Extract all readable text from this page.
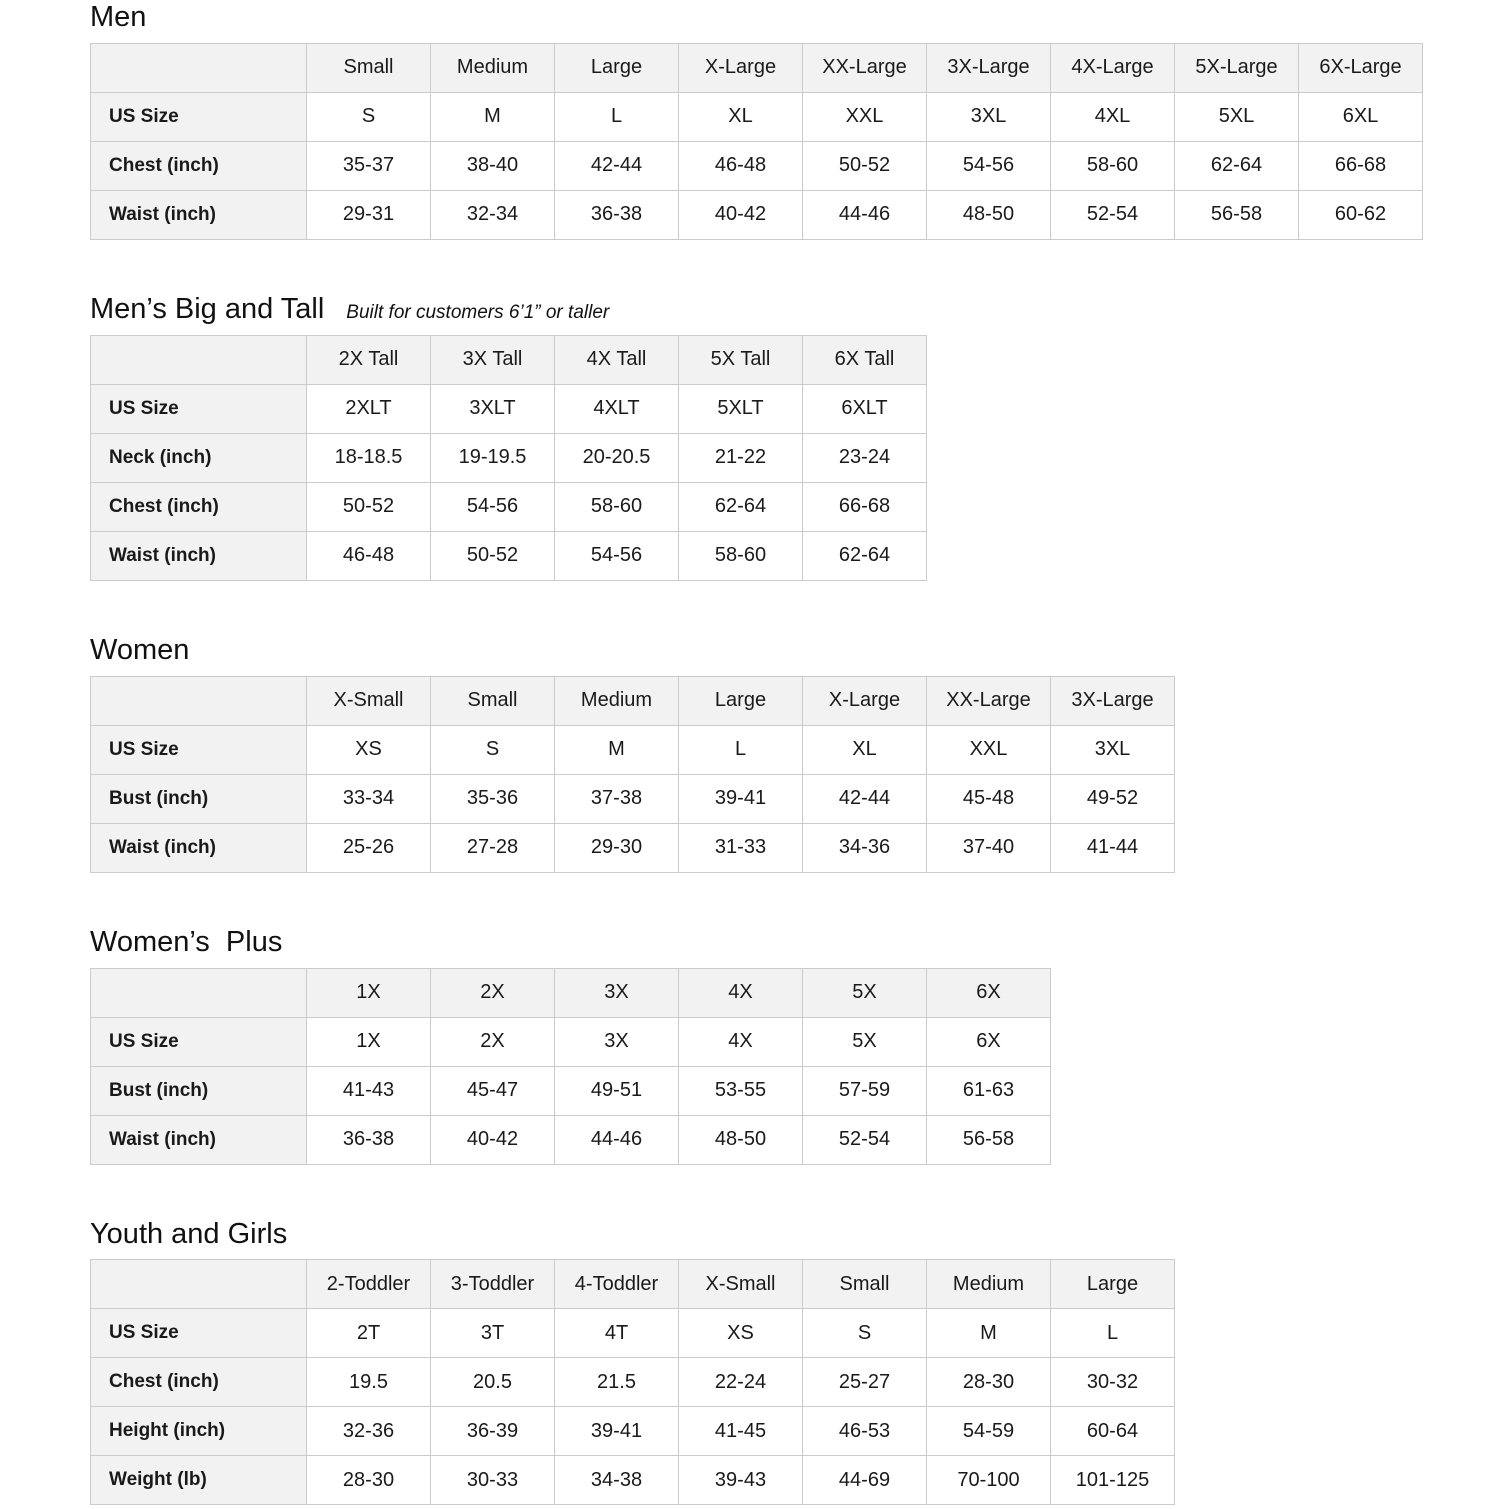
Men
	Small	Medium	Large	X-Large	XX-Large	3X-Large	4X-Large	5X-Large	6X-Large
US Size	S	M	L	XL	XXL	3XL	4XL	5XL	6XL
Chest (inch)	35-37	38-40	42-44	46-48	50-52	54-56	58-60	62-64	66-68
Waist (inch)	29-31	32-34	36-38	40-42	44-46	48-50	52-54	56-58	60-62
Men’s Big and Tall Built for customers 6’1” or taller
	2X Tall	3X Tall	4X Tall	5X Tall	6X Tall
US Size	2XLT	3XLT	4XLT	5XLT	6XLT
Neck (inch)	18-18.5	19-19.5	20-20.5	21-22	23-24
Chest (inch)	50-52	54-56	58-60	62-64	66-68
Waist (inch)	46-48	50-52	54-56	58-60	62-64
Women
	X-Small	Small	Medium	Large	X-Large	XX-Large	3X-Large
US Size	XS	S	M	L	XL	XXL	3XL
Bust (inch)	33-34	35-36	37-38	39-41	42-44	45-48	49-52
Waist (inch)	25-26	27-28	29-30	31-33	34-36	37-40	41-44
Women’s  Plus
	1X	2X	3X	4X	5X	6X
US Size	1X	2X	3X	4X	5X	6X
Bust (inch)	41-43	45-47	49-51	53-55	57-59	61-63
Waist (inch)	36-38	40-42	44-46	48-50	52-54	56-58
Youth and Girls
	2-Toddler	3-Toddler	4-Toddler	X-Small	Small	Medium	Large
US Size	2T	3T	4T	XS	S	M	L
Chest (inch)	19.5	20.5	21.5	22-24	25-27	28-30	30-32
Height (inch)	32-36	36-39	39-41	41-45	46-53	54-59	60-64
Weight (lb)	28-30	30-33	34-38	39-43	44-69	70-100	101-125
